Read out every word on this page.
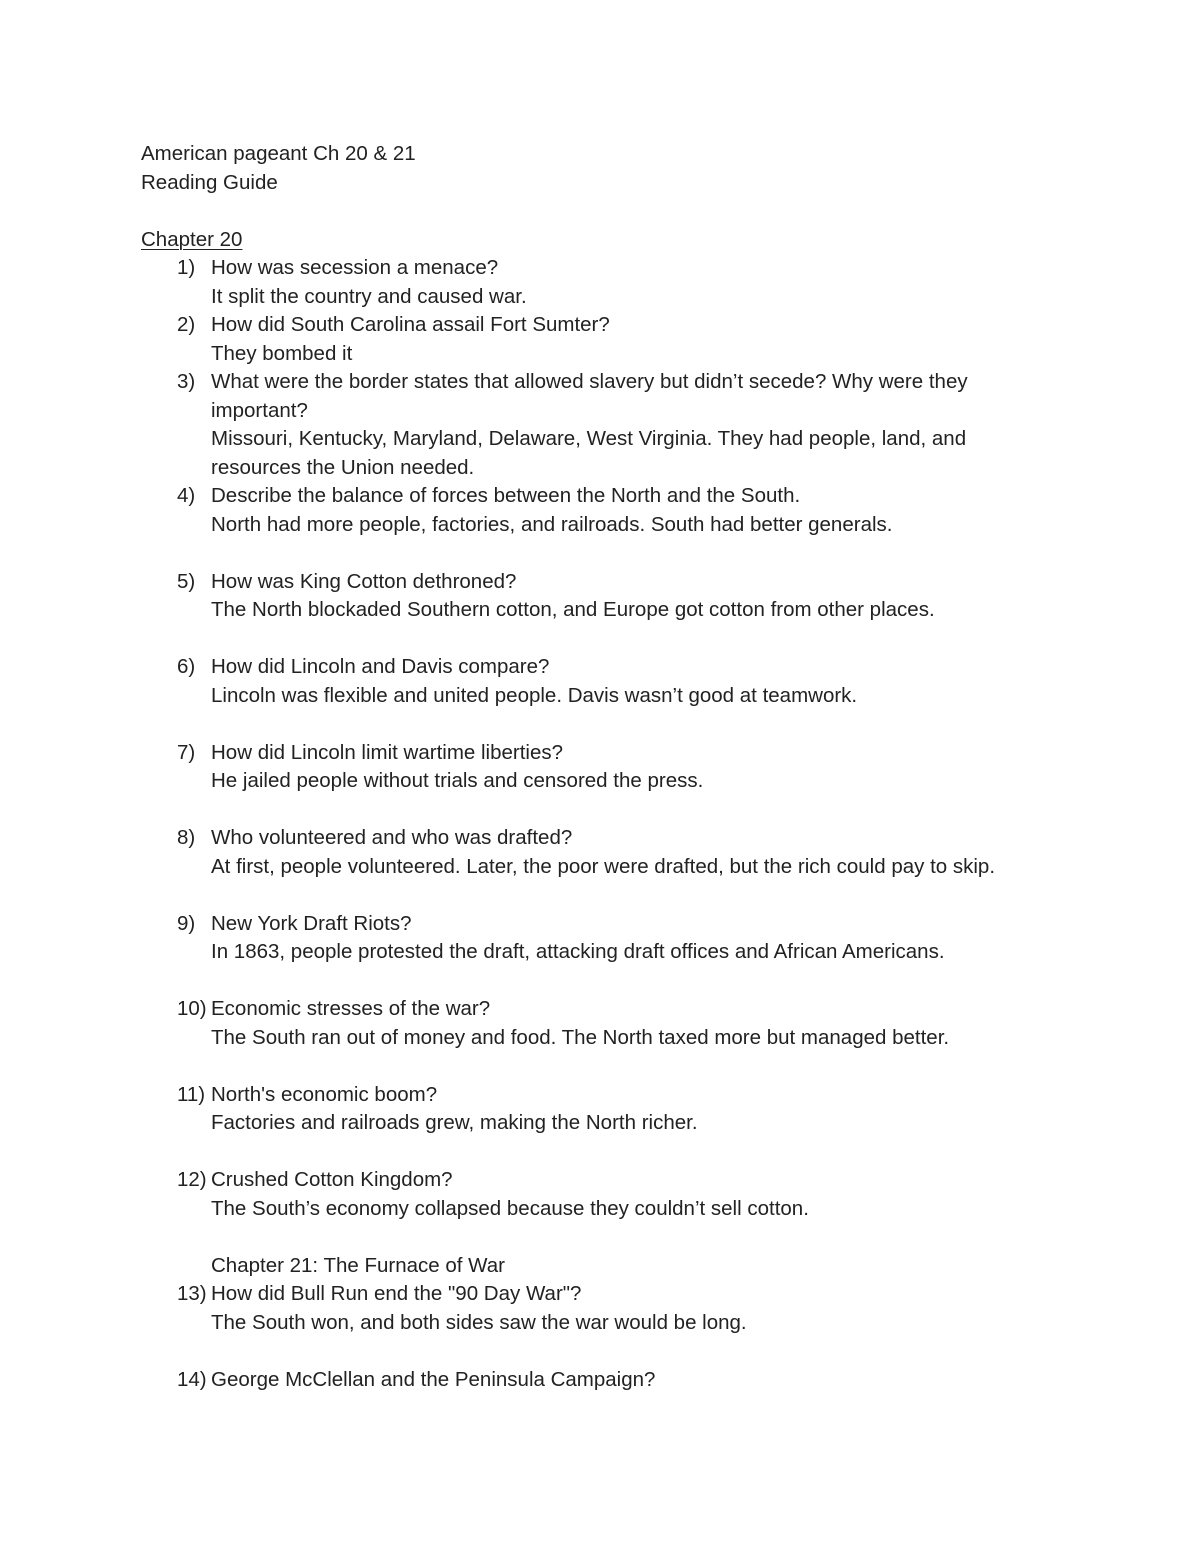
American pageant Ch 20 & 21

Reading Guide

Chapter 20

1) How was secession a menace?
It split the country and caused war.
2) How did South Carolina assail Fort Sumter?
They bombed it
3) What were the border states that allowed slavery but didn’t secede? Why were they important?
Missouri, Kentucky, Maryland, Delaware, West Virginia. They had people, land, and resources the Union needed.
4) Describe the balance of forces between the North and the South.
North had more people, factories, and railroads. South had better generals.
5) How was King Cotton dethroned?
The North blockaded Southern cotton, and Europe got cotton from other places.
6) How did Lincoln and Davis compare?
Lincoln was flexible and united people. Davis wasn’t good at teamwork.
7) How did Lincoln limit wartime liberties?
He jailed people without trials and censored the press.
8) Who volunteered and who was drafted?
At first, people volunteered. Later, the poor were drafted, but the rich could pay to skip.
9) New York Draft Riots?
In 1863, people protested the draft, attacking draft offices and African Americans.
10) Economic stresses of the war?
The South ran out of money and food. The North taxed more but managed better.
11) North's economic boom?
Factories and railroads grew, making the North richer.
12) Crushed Cotton Kingdom?
The South’s economy collapsed because they couldn’t sell cotton.
Chapter 21: The Furnace of War
13) How did Bull Run end the "90 Day War"?
The South won, and both sides saw the war would be long.
14) George McClellan and the Peninsula Campaign?
